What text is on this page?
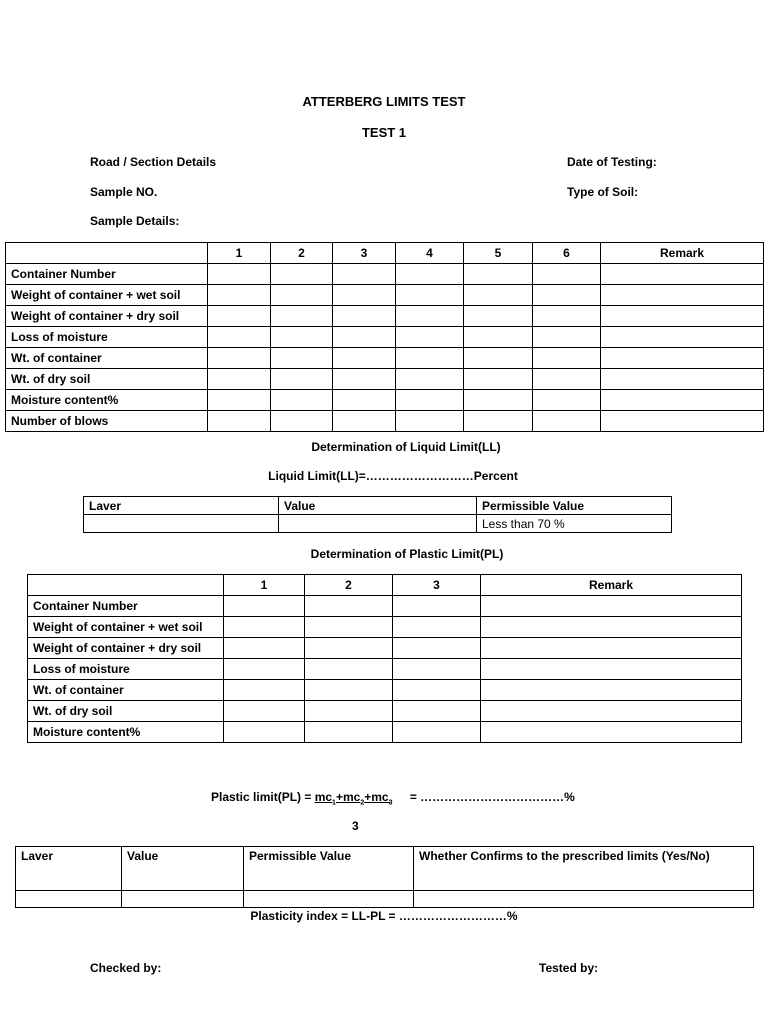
ATTERBERG LIMITS TEST
TEST 1
Road / Section Details	Date of Testing:
Sample NO.	Type of Soil:
Sample Details:
	1	2	3	4	5	6	Remark
Container Number							
Weight of container + wet soil							
Weight of container + dry soil							
Loss of moisture							
Wt. of container							
Wt. of dry soil							
Moisture content%							
Number of blows							
Determination of Liquid Limit(LL)
Liquid Limit(LL)=………………………Percent
Laver	Value	Permissible Value
		Less than 70 %
Determination of Plastic Limit(PL)
	1	2	3	Remark
Container Number				
Weight of container + wet soil				
Weight of container + dry soil				
Loss of moisture				
Wt. of container				
Wt. of dry soil				
Moisture content%				
Plastic limit(PL) = $mc_1+mc_2+mc_3$ = ………………………………%
3
Laver	Value	Permissible Value	Whether Confirms to the prescribed limits (Yes/No)

Plasticity index = LL-PL = ………………………%
Checked by:	Tested by:
